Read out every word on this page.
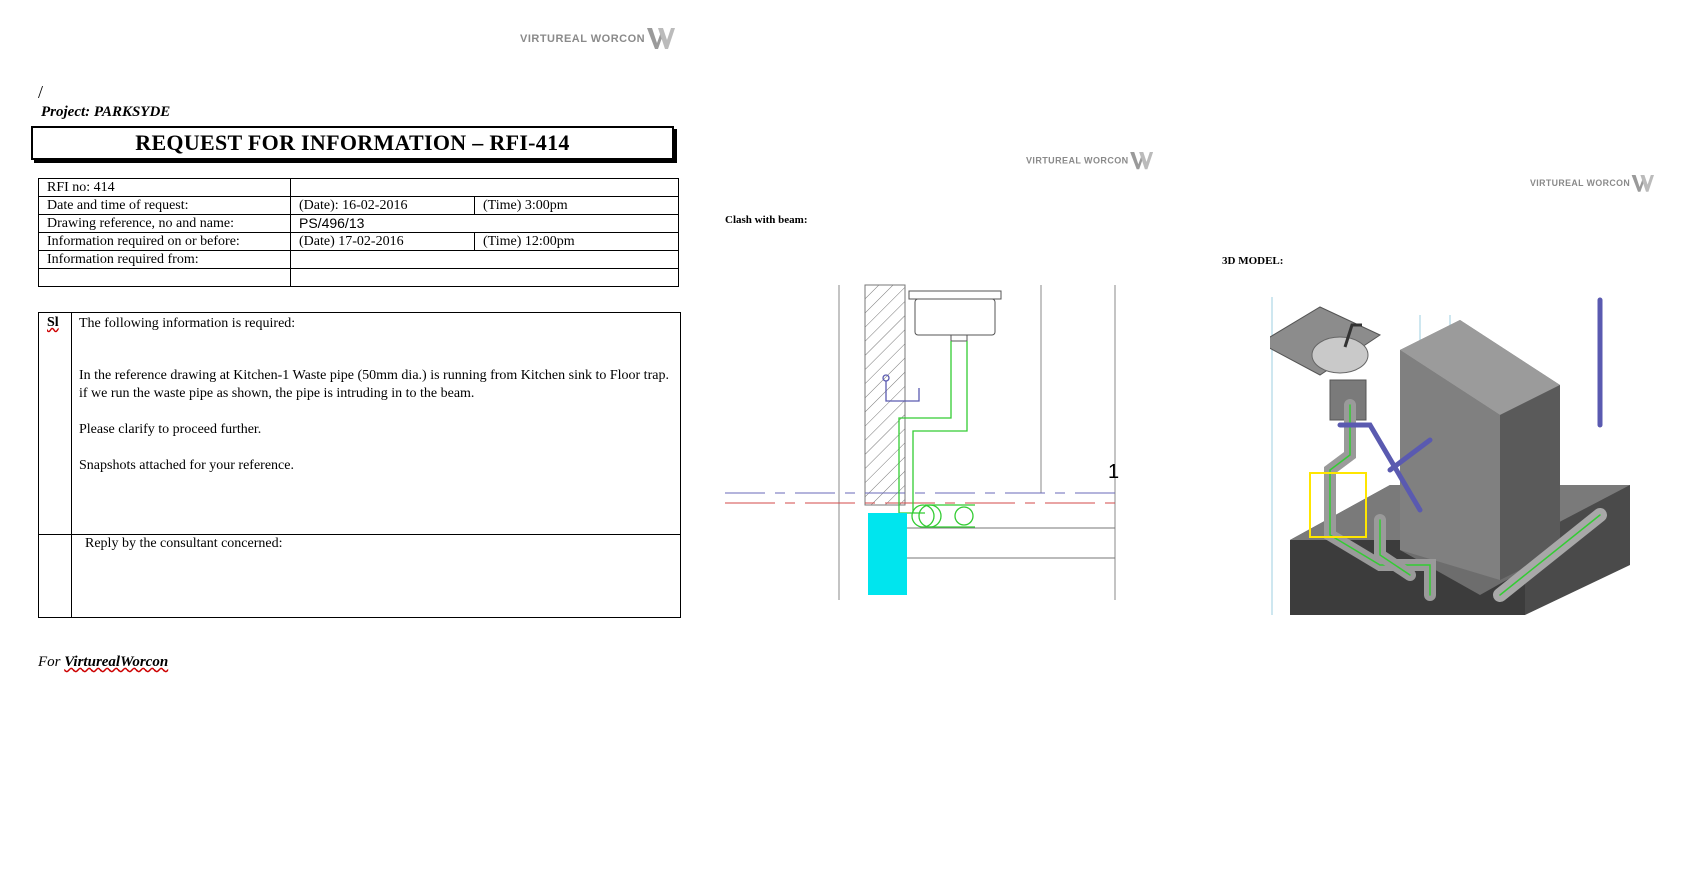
VIRTUREAL WORCON
VIRTUREAL WORCON
VIRTUREAL WORCON
/
Project: PARKSYDE
REQUEST FOR INFORMATION – RFI-414
RFI no: 414		
Date and time of request:	(Date): 16-02-2016	(Time) 3:00pm
Drawing reference, no and name:	PS/496/13	
Information required on or before:	(Date) 17-02-2016	(Time) 12:00pm
Information required from:		

Sl The following information is required:

In the reference drawing at Kitchen-1 Waste pipe (50mm dia.) is running from Kitchen sink to Floor trap. if we run the waste pipe as shown, the pipe is intruding in to the beam.

Please clarify to proceed further.

Snapshots attached for your reference.

Reply by the consultant concerned:
For VirturealWorcon
Clash with beam:
3D MODEL:
1
